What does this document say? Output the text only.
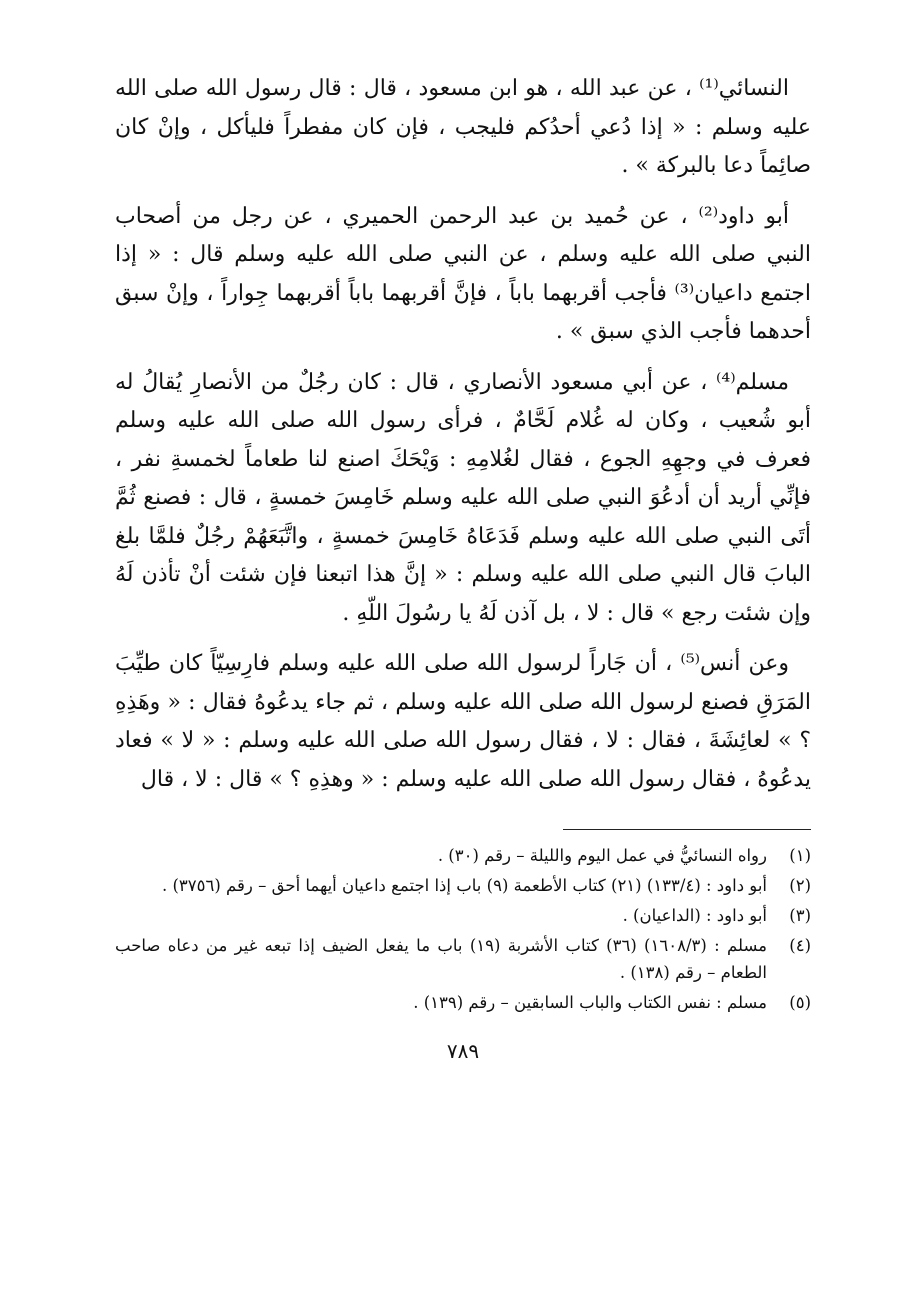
النسائي⁽¹⁾ ، عن عبد الله ، هو ابن مسعود ، قال : قال رسول الله صلى الله عليه وسلم : « إذا دُعي أحدُكم فليجب ، فإن كان مفطراً فليأكل ، وإنْ كان صائِماً دعا بالبركة » .

أبو داود⁽²⁾ ، عن حُميد بن عبد الرحمن الحميري ، عن رجل من أصحاب النبي صلى الله عليه وسلم ، عن النبي صلى الله عليه وسلم قال : « إذا اجتمع داعيان⁽³⁾ فأجب أقربهما باباً ، فإنَّ أقربهما باباً أقربهما جِواراً ، وإنْ سبق أحدهما فأجب الذي سبق » .

مسلم⁽⁴⁾ ، عن أبي مسعود الأنصاري ، قال : كان رجُلٌ من الأنصارِ يُقالُ له أبو شُعيب ، وكان له غُلام لَحَّامٌ ، فرأى رسول الله صلى الله عليه وسلم فعرف في وجهِهِ الجوع ، فقال لغُلامِهِ : وَيْحَكَ اصنع لنا طعاماً لخمسةِ نفر ، فإنِّي أريد أن أدعُوَ النبي صلى الله عليه وسلم خَامِسَ خمسةٍ ، قال : فصنع ثُمَّ أتَى النبي صلى الله عليه وسلم فَدَعَاهُ خَامِسَ خمسةٍ ، واتَّبَعَهُمْ رجُلٌ فلمَّا بلغ البابَ قال النبي صلى الله عليه وسلم : « إنَّ هذا اتبعنا فإن شئت أنْ تأذن لَهُ وإن شئت رجع » قال : لا ، بل آذن لَهُ يا رسُولَ اللّهِ .

وعن أنس⁽⁵⁾ ، أن جَاراً لرسول الله صلى الله عليه وسلم فارِسِيّاً كان طيِّبَ المَرَقِ فصنع لرسول الله صلى الله عليه وسلم ، ثم جاء يدعُوهُ فقال : « وهَذِهِ ؟ » لعائِشَةَ ، فقال : لا ، فقال رسول الله صلى الله عليه وسلم : « لا » فعاد يدعُوهُ ، فقال رسول الله صلى الله عليه وسلم : « وهذِهِ ؟ » قال : لا ، قال

(١)
رواه النسائيُّ في عمل اليوم والليلة – رقم (٣٠) .
(٢)
أبو داود : (١٣٣/٤) (٢١) كتاب الأطعمة (٩) باب إذا اجتمع داعيان أيهما أحق – رقم (٣٧٥٦) .
(٣)
أبو داود : (الداعيان) .
(٤)
مسلم : (١٦٠٨/٣) (٣٦) كتاب الأشربة (١٩) باب ما يفعل الضيف إذا تبعه غير من دعاه صاحب الطعام – رقم (١٣٨) .
(٥)
مسلم : نفس الكتاب والباب السابقين – رقم (١٣٩) .
٧٨٩
